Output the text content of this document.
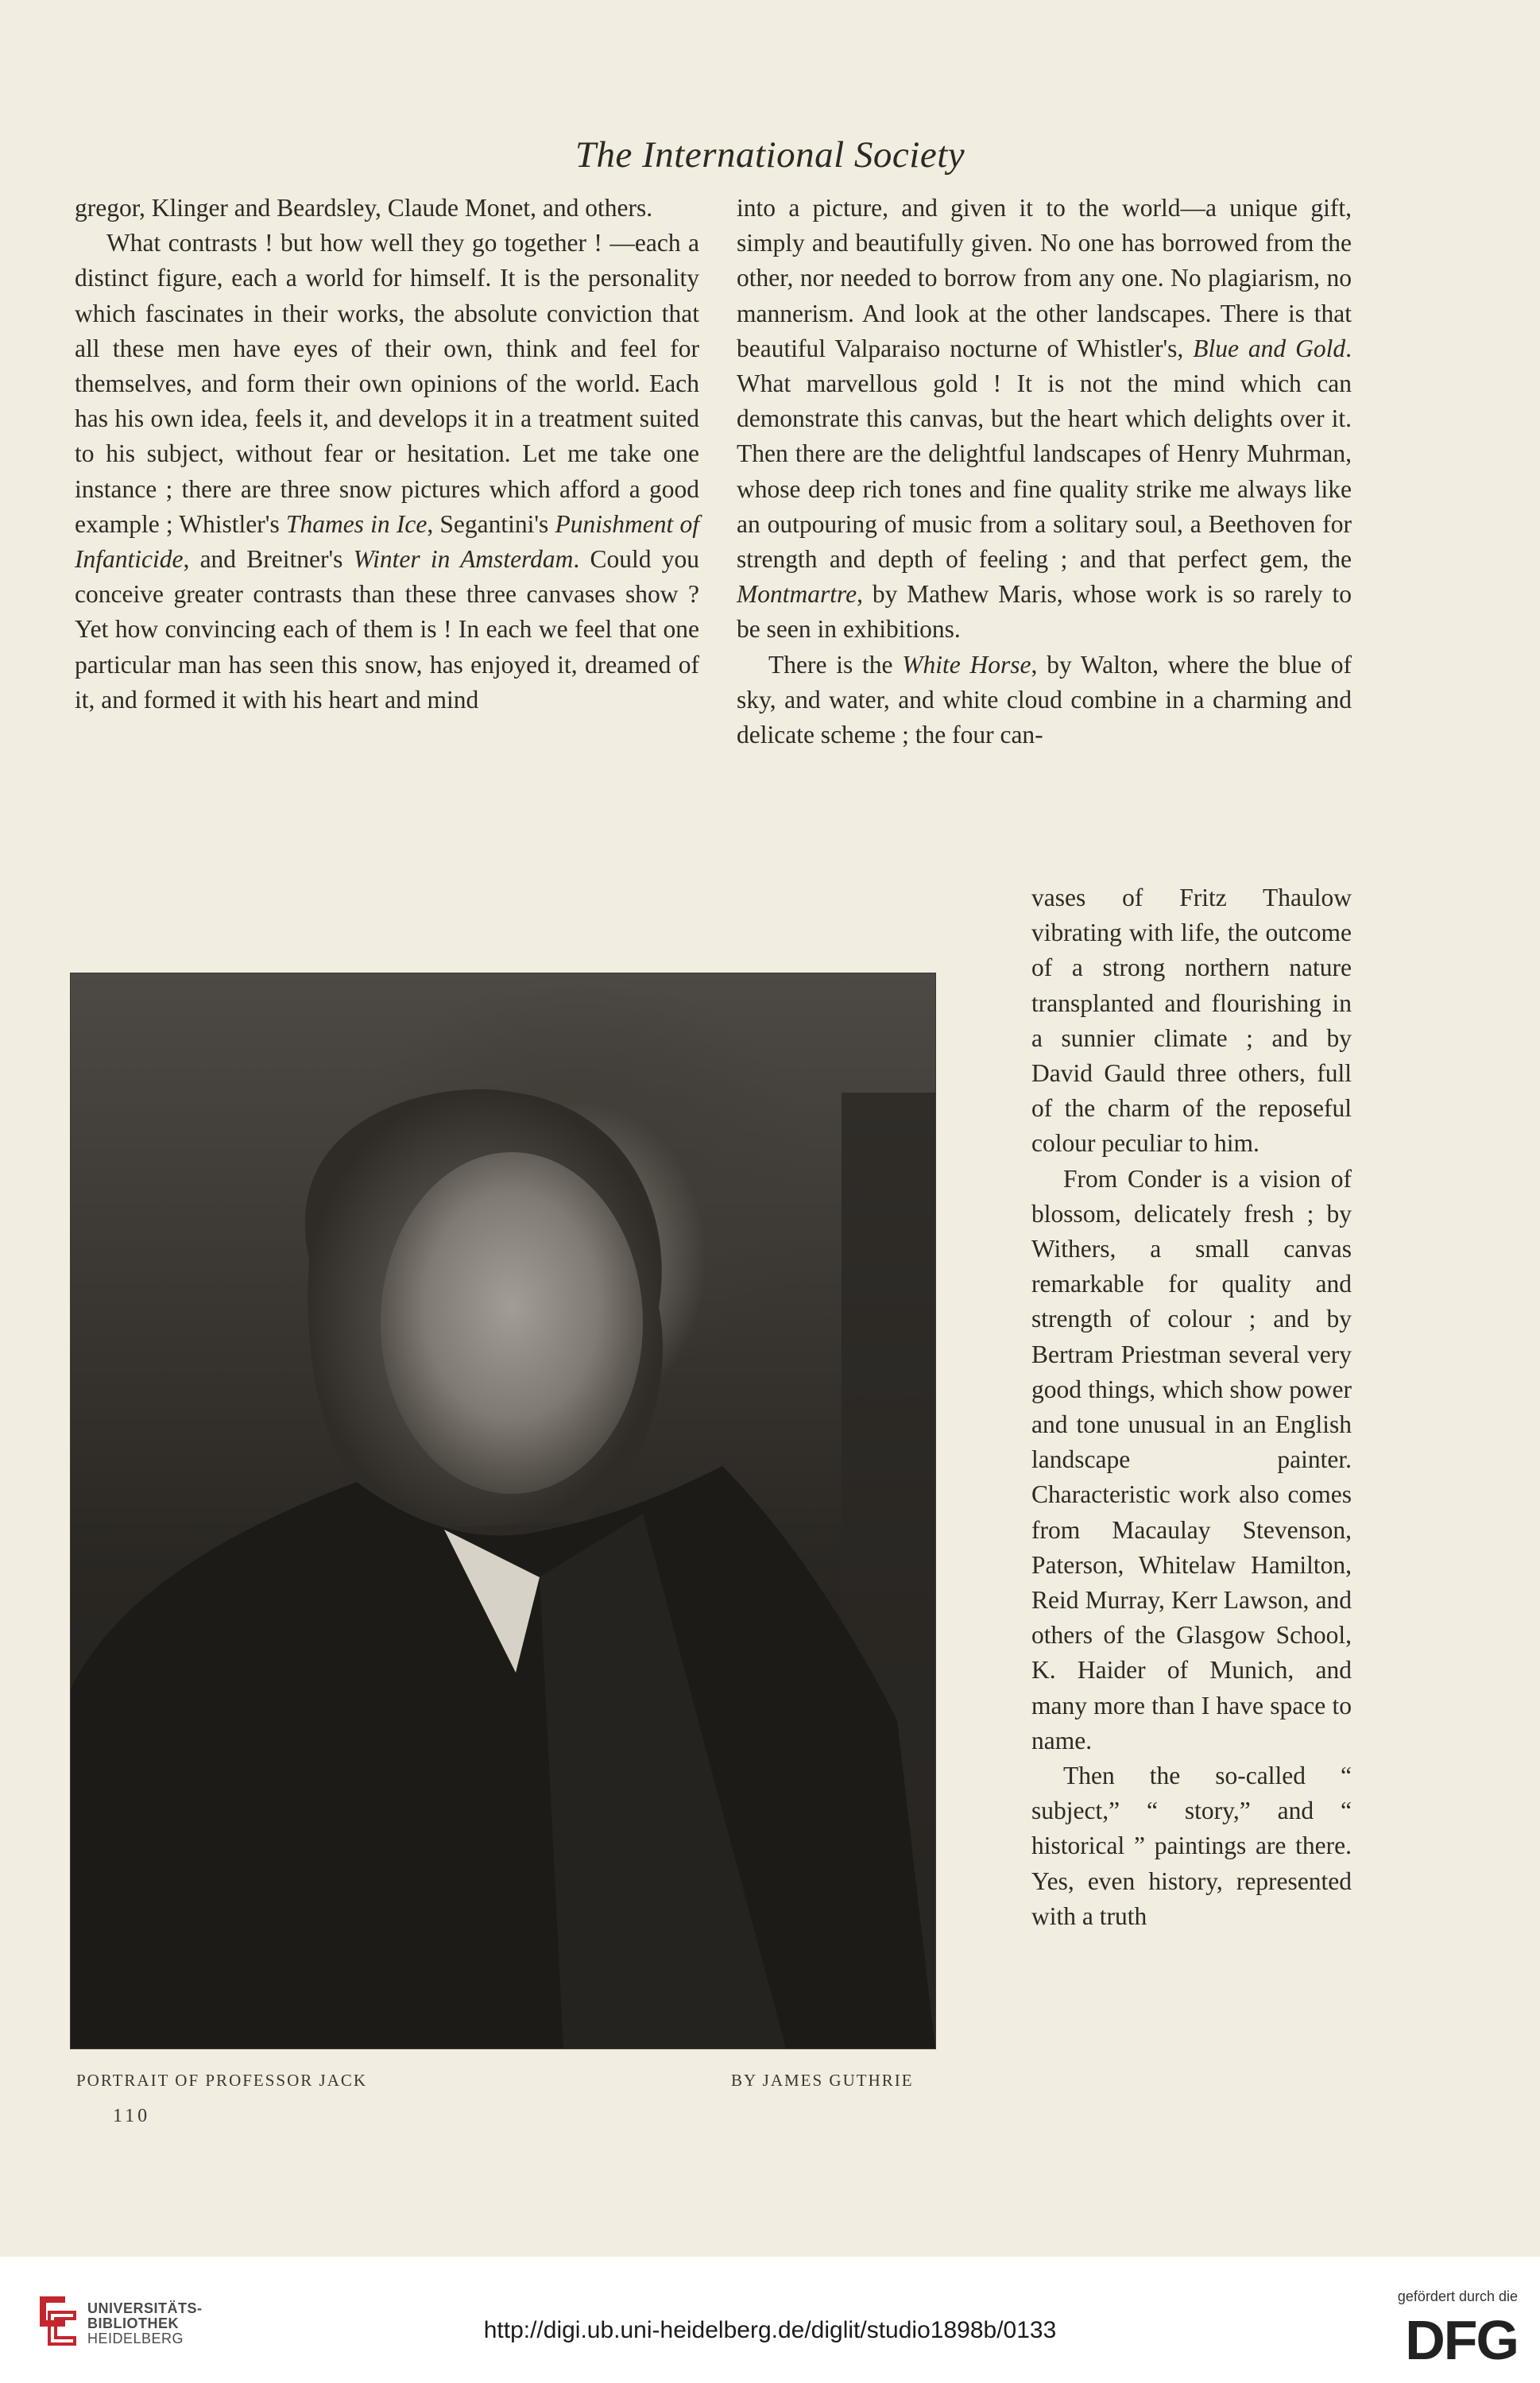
The International Society

gregor, Klinger and Beardsley, Claude Monet, and others.

What contrasts ! but how well they go together ! —each a distinct figure, each a world for himself. It is the personality which fascinates in their works, the absolute conviction that all these men have eyes of their own, think and feel for themselves, and form their own opinions of the world. Each has his own idea, feels it, and develops it in a treatment suited to his subject, without fear or hesitation. Let me take one instance ; there are three snow pictures which afford a good example ; Whistler's Thames in Ice, Segantini's Punishment of Infanticide, and Breitner's Winter in Amsterdam. Could you conceive greater contrasts than these three canvases show ? Yet how convincing each of them is ! In each we feel that one particular man has seen this snow, has enjoyed it, dreamed of it, and formed it with his heart and mind

into a picture, and given it to the world—a unique gift, simply and beautifully given. No one has borrowed from the other, nor needed to borrow from any one. No plagiarism, no mannerism. And look at the other landscapes. There is that beautiful Valparaiso nocturne of Whistler's, Blue and Gold. What marvellous gold ! It is not the mind which can demonstrate this canvas, but the heart which delights over it. Then there are the delightful landscapes of Henry Muhrman, whose deep rich tones and fine quality strike me always like an outpouring of music from a solitary soul, a Beethoven for strength and depth of feeling ; and that perfect gem, the Montmartre, by Mathew Maris, whose work is so rarely to be seen in exhibitions.

There is the White Horse, by Walton, where the blue of sky, and water, and white cloud combine in a charming and delicate scheme ; the four can-

vases of Fritz Thaulow vibrating with life, the outcome of a strong northern nature transplanted and flourishing in a sunnier climate ; and by David Gauld three others, full of the charm of the reposeful colour peculiar to him.

From Conder is a vision of blossom, delicately fresh ; by Withers, a small canvas remarkable for quality and strength of colour ; and by Bertram Priestman several very good things, which show power and tone unusual in an English landscape painter. Characteristic work also comes from Macaulay Stevenson, Paterson, Whitelaw Hamilton, Reid Murray, Kerr Lawson, and others of the Glasgow School, K. Haider of Munich, and many more than I have space to name.

Then the so-called “ subject,” “ story,” and “ historical ” paintings are there. Yes, even history, represented with a truth

PORTRAIT OF PROFESSOR JACK	BY JAMES GUTHRIE
110
UNIVERSITÄTS-
BIBLIOTHEK
HEIDELBERG	http://digi.ub.uni-heidelberg.de/diglit/studio1898b/0133
gefördert durch die
DFG
